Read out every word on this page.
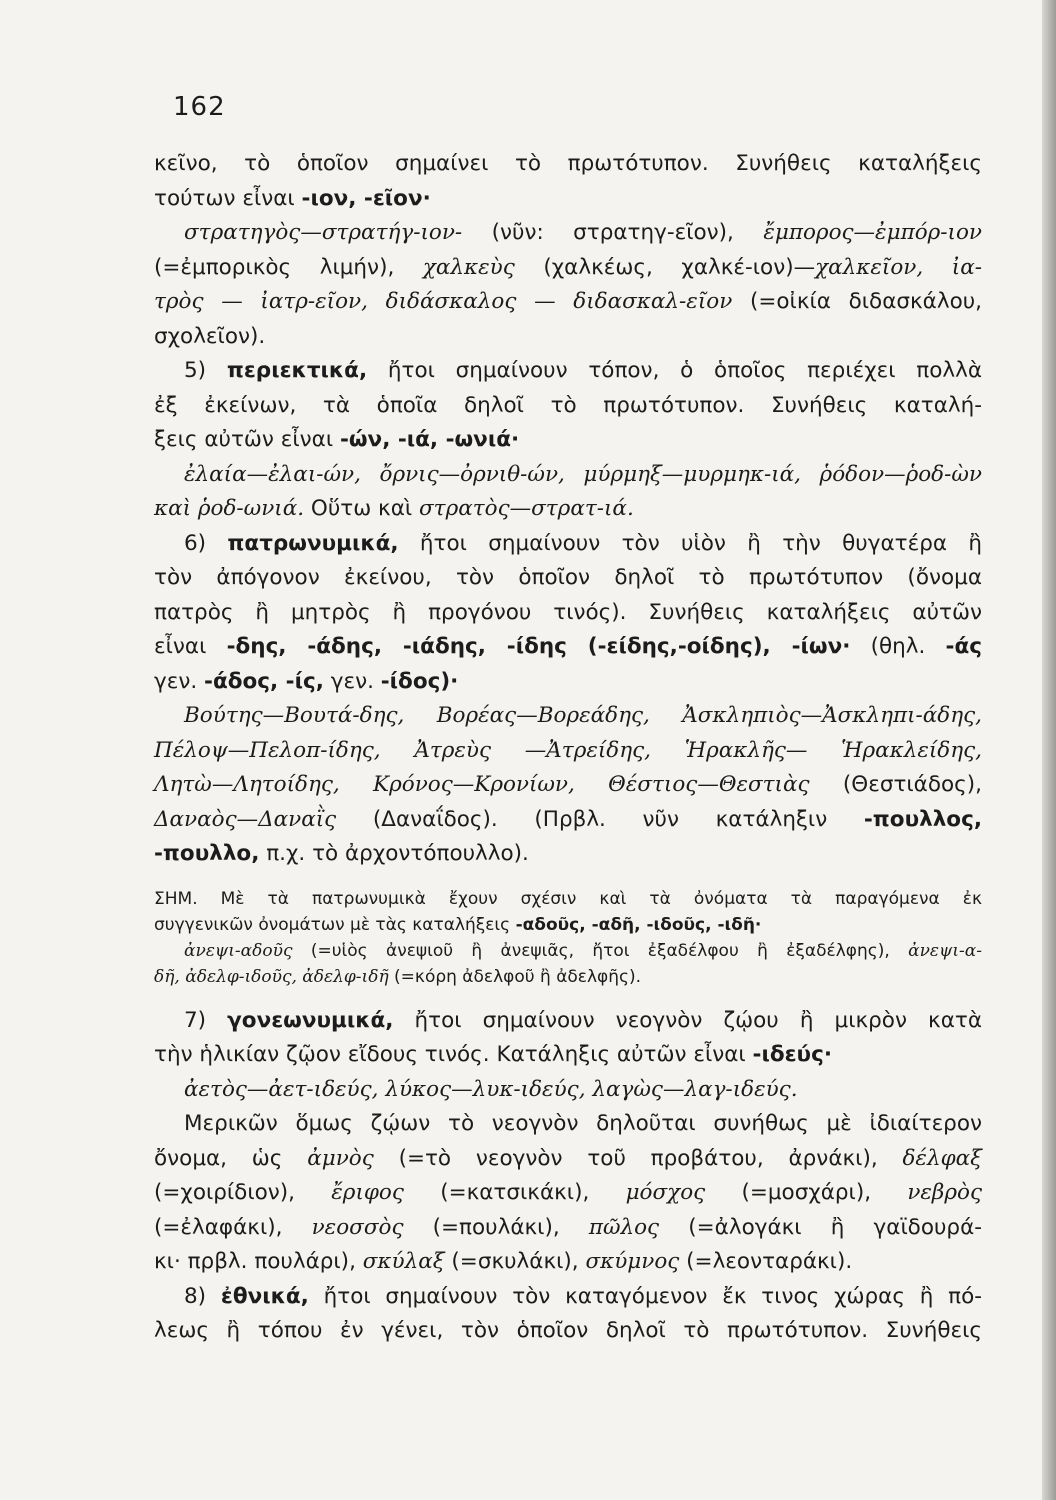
162

κεῖνο, τὸ ὁποῖον σημαίνει τὸ πρωτότυπον. Συνήθεις καταλήξεις

τούτων εἶναι -ιον, -εῖον·

στρατηγὸς—στρατήγ-ιον- (νῦν: στρατηγ-εῖον), ἔμπορος—ἐμπόρ-ιον

(=ἐμπορικὸς λιμήν), χαλκεὺς (χαλκέως, χαλκέ-ιον)—χαλκεῖον, ἰα-

τρὸς — ἰατρ-εῖον, διδάσκαλος — διδασκαλ-εῖον (=οἰκία διδασκάλου,

σχολεῖον).

5) περιεκτικά, ἤτοι σημαίνουν τόπον, ὁ ὁποῖος περιέχει πολλὰ

ἐξ ἐκείνων, τὰ ὁποῖα δηλοῖ τὸ πρωτότυπον. Συνήθεις καταλή-

ξεις αὐτῶν εἶναι -ών, -ιά, -ωνιά·

ἐλαία—ἐλαι-ών, ὄρνις—ὀρνιθ-ών, μύρμηξ—μυρμηκ-ιά, ῥόδον—ῥοδ-ὼν

καὶ ῥοδ-ωνιά. Οὕτω καὶ στρατὸς—στρατ-ιά.

6) πατρωνυμικά, ἤτοι σημαίνουν τὸν υἱὸν ἢ τὴν θυγατέρα ἢ

τὸν ἀπόγονον ἐκείνου, τὸν ὁποῖον δηλοῖ τὸ πρωτότυπον (ὄνομα

πατρὸς ἢ μητρὸς ἢ προγόνου τινός). Συνήθεις καταλήξεις αὐτῶν

εἶναι -δης, -άδης, -ιάδης, -ίδης (-είδης,-οίδης), -ίων· (θηλ. -άς

γεν. -άδος, -ίς, γεν. -ίδος)·

Βούτης—Βουτά-δης, Βορέας—Βορεάδης, Ἀσκληπιὸς—Ἀσκληπι-άδης,

Πέλοψ—Πελοπ-ίδης, Ἀτρεὺς —Ἀτρείδης, Ἡρακλῆς— Ἡρακλείδης,

Λητὼ—Λητοίδης, Κρόνος—Κρονίων, Θέστιος—Θεστιὰς (Θεστιάδος),

Δαναὸς—Δαναῒς (Δαναΐδος). (Πρβλ. νῦν κατάληξιν -πουλλος,

-πουλλο, π.χ. τὸ ἀρχοντόπουλλο).

ΣΗΜ. Μὲ τὰ πατρωνυμικὰ ἔχουν σχέσιν καὶ τὰ ὀνόματα τὰ παραγόμενα ἐκ

συγγενικῶν ὀνομάτων μὲ τὰς καταλήξεις -αδοῦς, -αδῆ, -ιδοῦς, -ιδῆ·

ἀνεψι-αδοῦς (=υἱὸς ἀνεψιοῦ ἢ ἀνεψιᾶς, ἤτοι ἐξαδέλφου ἢ ἐξαδέλφης), ἀνεψι-α-

δῆ, ἀδελφ-ιδοῦς, ἀδελφ-ιδῆ (=κόρη ἀδελφοῦ ἢ ἀδελφῆς).

7) γονεωνυμικά, ἤτοι σημαίνουν νεογνὸν ζῴου ἢ μικρὸν κατὰ

τὴν ἡλικίαν ζῷον εἴδους τινός. Κατάληξις αὐτῶν εἶναι -ιδεύς·

ἀετὸς—ἀετ-ιδεύς, λύκος—λυκ-ιδεύς, λαγὼς—λαγ-ιδεύς.

Μερικῶν ὅμως ζῴων τὸ νεογνὸν δηλοῦται συνήθως μὲ ἰδιαίτερον

ὄνομα, ὡς ἀμνὸς (=τὸ νεογνὸν τοῦ προβάτου, ἀρνάκι), δέλφαξ

(=χοιρίδιον), ἔριφος (=κατσικάκι), μόσχος (=μοσχάρι), νεβρὸς

(=ἐλαφάκι), νεοσσὸς (=πουλάκι), πῶλος (=ἀλογάκι ἢ γαϊδουρά-

κι· πρβλ. πουλάρι), σκύλαξ (=σκυλάκι), σκύμνος (=λεονταράκι).

8) ἐθνικά, ἤτοι σημαίνουν τὸν καταγόμενον ἔκ τινος χώρας ἢ πό-

λεως ἢ τόπου ἐν γένει, τὸν ὁποῖον δηλοῖ τὸ πρωτότυπον. Συνήθεις
